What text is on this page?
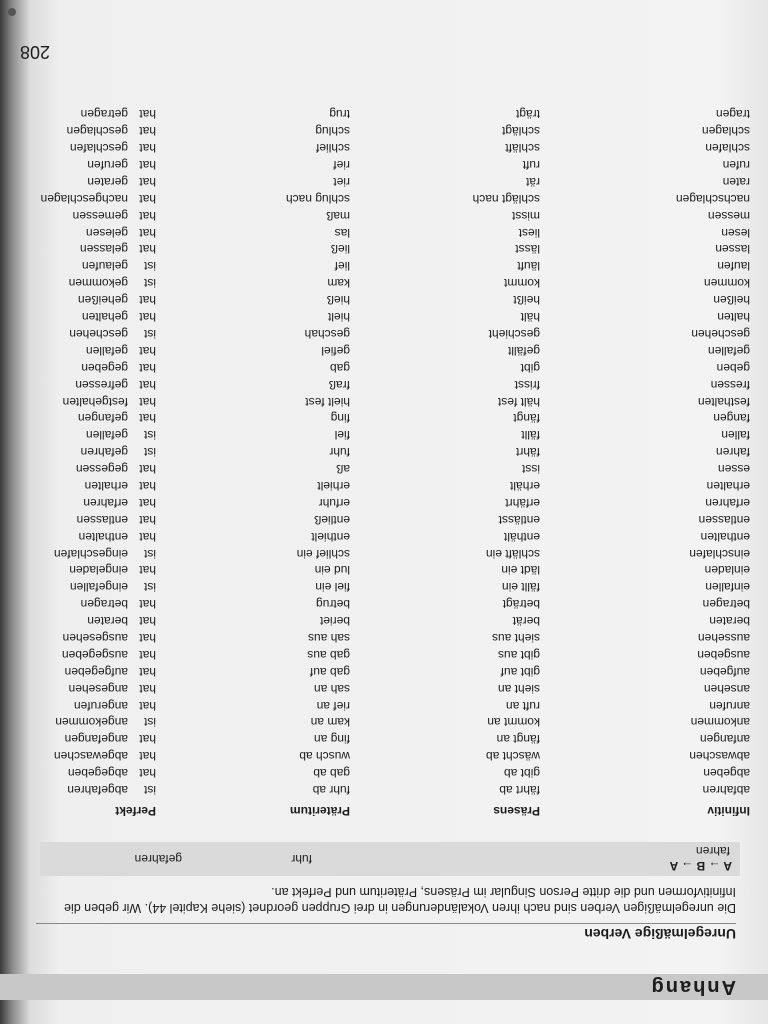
Anhang
Unregelmäßige Verben
Die unregelmäßigen Verben sind nach ihren Vokaländerungen in drei Gruppen geordnet (siehe Kapitel 44). Wir geben die Infinitivformen und die dritte Person Singular im Präsens, Präteritum und Perfekt an.
A → B → A
fahren
fuhr
gefahren
Infinitiv
Präsens
Präteritum
Perfekt
abfahren
fährt ab
fuhr ab
ist
abgefahren
abgeben
gibt ab
gab ab
hat
abgegeben
abwaschen
wäscht ab
wusch ab
hat
abgewaschen
anfangen
fängt an
fing an
hat
angefangen
ankommen
kommt an
kam an
ist
angekommen
anrufen
ruft an
rief an
hat
angerufen
ansehen
sieht an
sah an
hat
angesehen
aufgeben
gibt auf
gab auf
hat
aufgegeben
ausgeben
gibt aus
gab aus
hat
ausgegeben
aussehen
sieht aus
sah aus
hat
ausgesehen
beraten
berät
beriet
hat
beraten
betragen
beträgt
betrug
hat
betragen
einfallen
fällt ein
fiel ein
ist
eingefallen
einladen
lädt ein
lud ein
hat
eingeladen
einschlafen
schläft ein
schlief ein
ist
eingeschlafen
enthalten
enthält
enthielt
hat
enthalten
entlassen
entlässt
entließ
hat
entlassen
erfahren
erfährt
erfuhr
hat
erfahren
erhalten
erhält
erhielt
hat
erhalten
essen
isst
aß
hat
gegessen
fahren
fährt
fuhr
ist
gefahren
fallen
fällt
fiel
ist
gefallen
fangen
fängt
fing
hat
gefangen
festhalten
hält fest
hielt fest
hat
festgehalten
fressen
frisst
fraß
hat
gefressen
geben
gibt
gab
hat
gegeben
gefallen
gefällt
gefiel
hat
gefallen
geschehen
geschieht
geschah
ist
geschehen
halten
hält
hielt
hat
gehalten
heißen
heißt
hieß
hat
geheißen
kommen
kommt
kam
ist
gekommen
laufen
läuft
lief
ist
gelaufen
lassen
lässt
ließ
hat
gelassen
lesen
liest
las
hat
gelesen
messen
misst
maß
hat
gemessen
nachschlagen
schlägt nach
schlug nach
hat
nachgeschlagen
raten
rät
riet
hat
geraten
rufen
ruft
rief
hat
gerufen
schlafen
schläft
schlief
hat
geschlafen
schlagen
schlägt
schlug
hat
geschlagen
tragen
trägt
trug
hat
getragen
208
